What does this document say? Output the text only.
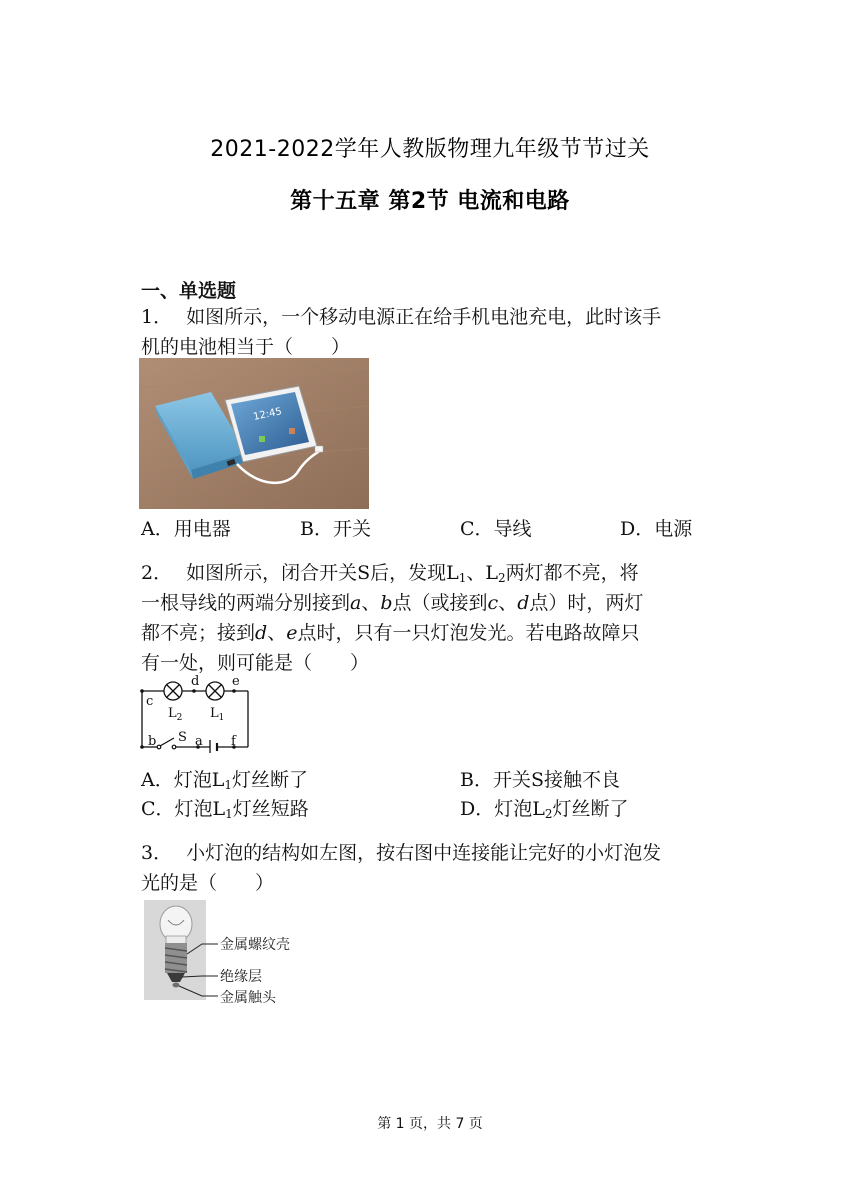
2021-2022学年人教版物理九年级节节过关
第十五章 第2节 电流和电路
一、单选题
1． 如图所示，一个移动电源正在给手机电池充电，此时该手
机的电池相当于（　　）
12:45
A．用电器	B．开关	C．导线	D．电源
2． 如图所示，闭合开关S后，发现$L_1$、$L_2$两灯都不亮，将
一根导线的两端分别接到a、b点（或接到c、d点）时，两灯
都不亮；接到d、e点时，只有一只灯泡发光。若电路故障只
有一处，则可能是（　　）
c
d	e
$L_2$ $L_1$
b S a f
A．灯泡$L_1$灯丝断了	B．开关S接触不良
C．灯泡$L_1$灯丝短路	D．灯泡$L_2$灯丝断了
3． 小灯泡的结构如左图，按右图中连接能让完好的小灯泡发
光的是（　　）
金属螺纹壳
绝缘层
金属触头
第 1 页，共 7 页
